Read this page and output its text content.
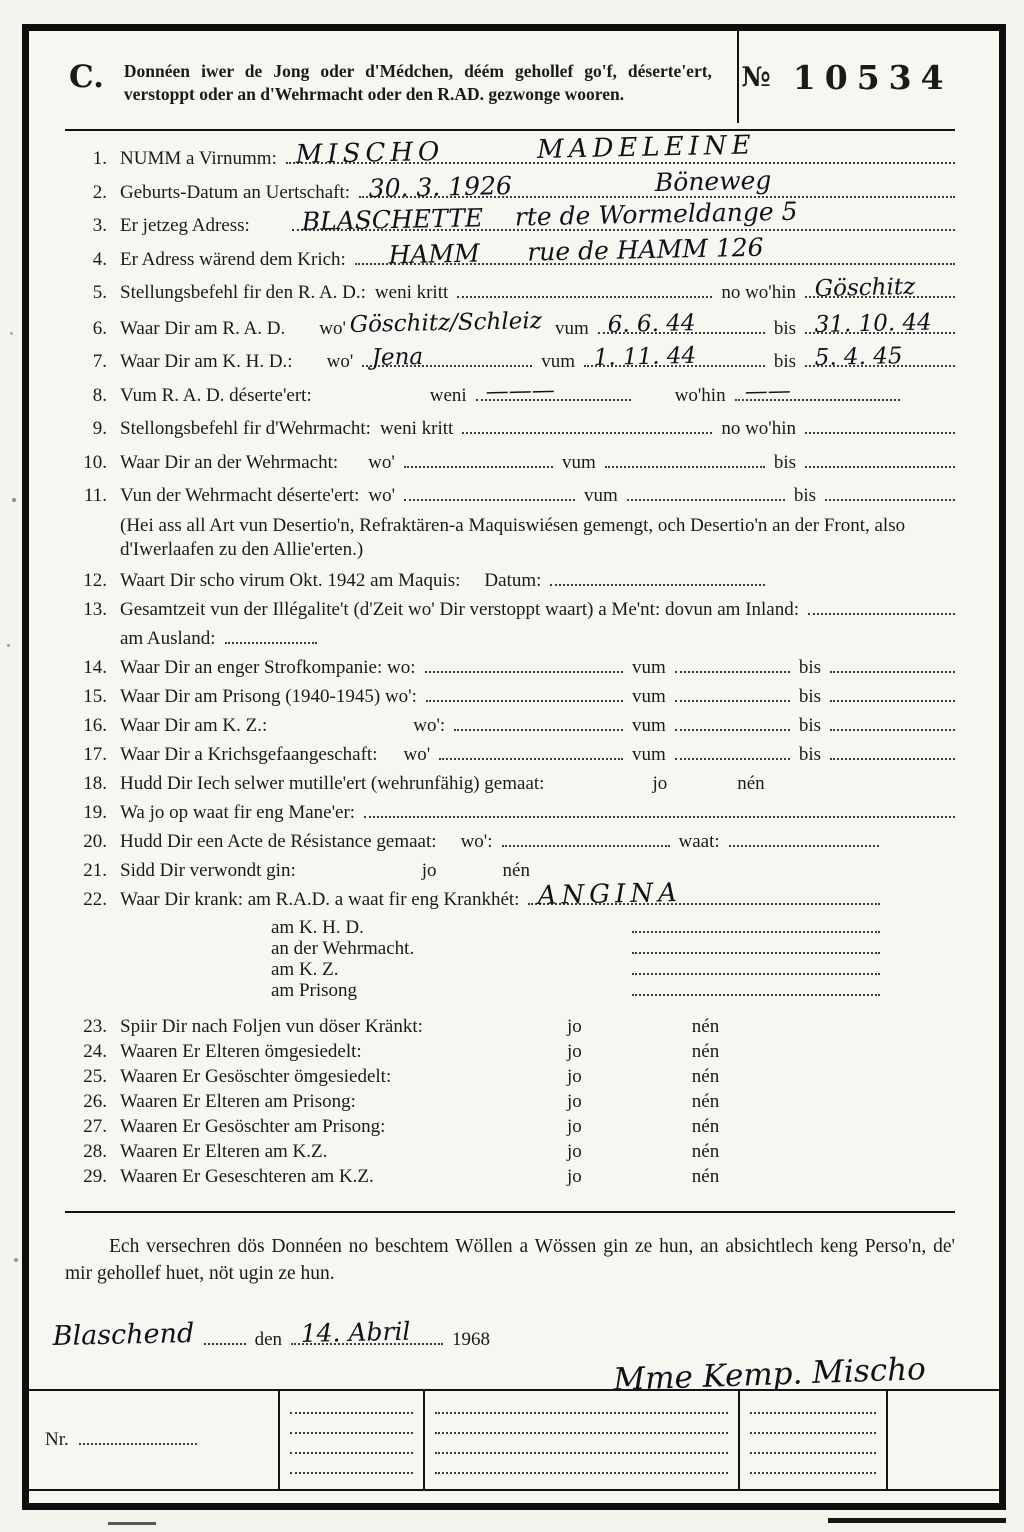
C. Donnéen iwer de Jong oder d'Médchen, déém gehollef go'f, déserte'ert, verstoppt oder an d'Wehrmacht oder den R.AD. gezwonge wooren.
№ 10534
1. NUMM a Virnumm: MISCHO       MADELEINE
2. Geburts-Datum an Uertschaft: 30. 3. 1926                  Böneweg
3. Er jetzeg Adress: BLASCHETTE    rte de Wormeldange 5
4. Er Adress wärend dem Krich: HAMM      rue de HAMM 126
5. Stellungsbefehl fir den R. A. D.: weni kritt	no wo'hin Göschitz
6. Waar Dir am R. A. D. wo' Göschitz/Schleiz vum 6. 6. 44	bis 31. 10. 44
7. Waar Dir am K. H. D.: wo' Jena	vum 1. 11. 44	bis 5. 4. 45
8. Vum R. A. D. déserte'ert:	weni ———	wo'hin ——
9. Stellongsbefehl fir d'Wehrmacht: weni kritt	no wo'hin
10. Waar Dir an der Wehrmacht: wo'	vum	bis
11. Vun der Wehrmacht déserte'ert: wo'	vum	bis
(Hei ass all Art vun Desertio'n, Refraktären-a Maquiswiésen gemengt, och Desertio'n an der Front, also d'Iwerlaafen zu den Allie'erten.)
12. Waart Dir scho virum Okt. 1942 am Maquis: Datum:
13. Gesamtzeit vun der Illégalite't (d'Zeit wo' Dir verstoppt waart) a Me'nt: dovun am Inland:
am Ausland:
14. Waar Dir an enger Strofkompanie: wo:	vum	bis
15. Waar Dir am Prisong (1940-1945) wo':	vum	bis
16. Waar Dir am K. Z.:	wo':	vum	bis
17. Waar Dir a Krichsgefaangeschaft: wo'	vum	bis
18. Hudd Dir Iech selwer mutille'ert (wehrunfähig) gemaat:	jo	nén
19. Wa jo op waat fir eng Mane'er:
20. Hudd Dir een Acte de Résistance gemaat: wo':	waat:
21. Sidd Dir verwondt gin:	jo	nén
22. Waar Dir krank: am R.A.D. a waat fir eng Krankhét: ANGINA
am K. H. D.
an der Wehrmacht.
am K. Z.
am Prisong
23. Spiir Dir nach Foljen vun döser Kränkt:	jo	nén
24. Waaren Er Elteren ömgesiedelt:	jo	nén
25. Waaren Er Gesöschter ömgesiedelt:	jo	nén
26. Waaren Er Elteren am Prisong:	jo	nén
27. Waaren Er Gesöschter am Prisong:	jo	nén
28. Waaren Er Elteren am K.Z.	jo	nén
29. Waaren Er Geseschteren am K.Z.	jo	nén

Ech versechren dös Donnéen no beschtem Wöllen a Wössen gin ze hun, an absichtlech keng Perso'n, de' mir gehollef huet, nöt ugin ze hun.

Blaschend	den 14. Abril 1968
Mme Kemp. Mischo
Nr.
